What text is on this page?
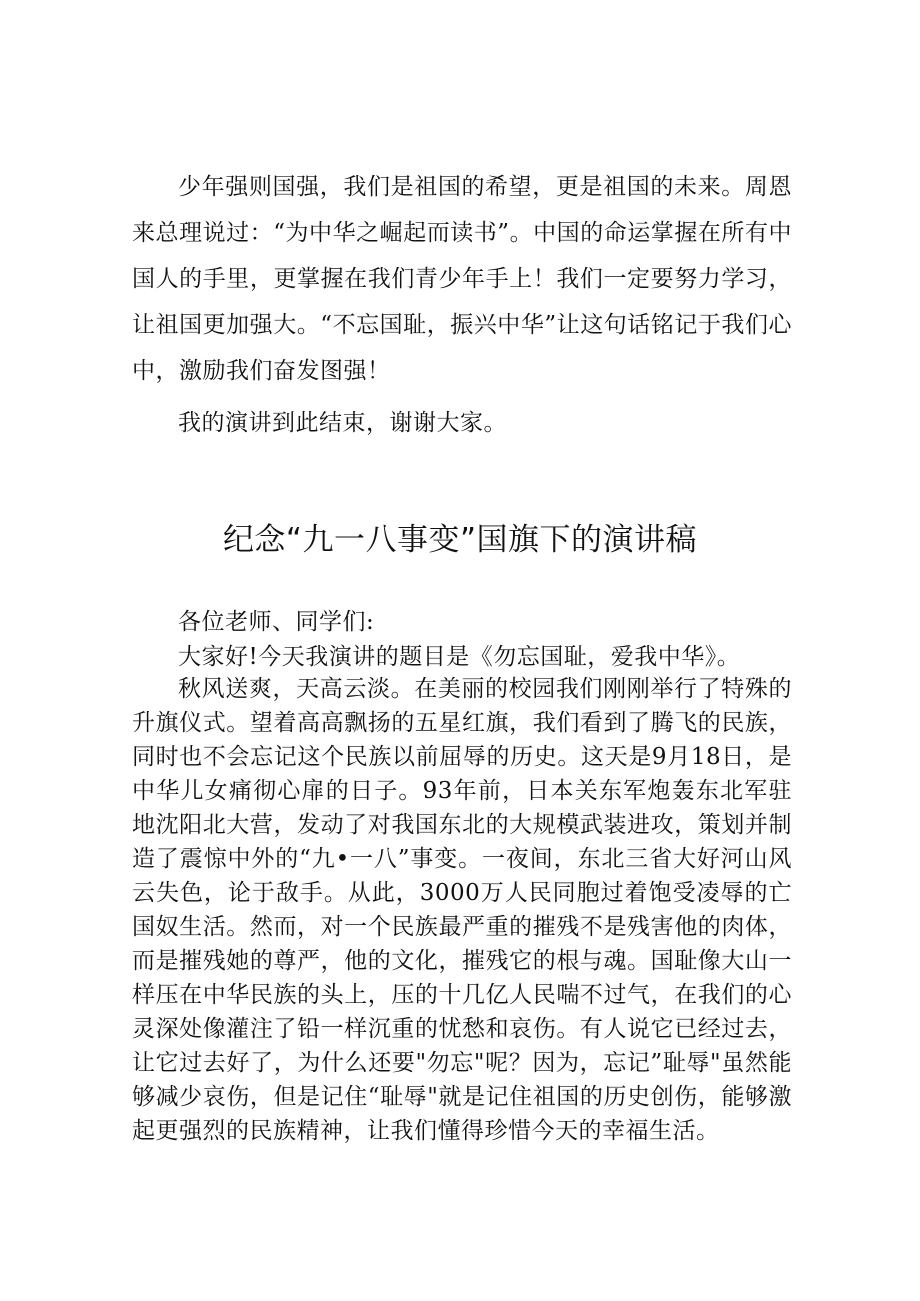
少年强则国强，我们是祖国的希望，更是祖国的未来。周恩来总理说过：“为中华之崛起而读书”。中国的命运掌握在所有中国人的手里，更掌握在我们青少年手上！我们一定要努力学习，让祖国更加强大。“不忘国耻，振兴中华”让这句话铭记于我们心中，激励我们奋发图强！

我的演讲到此结束，谢谢大家。

纪念“九一八事变”国旗下的演讲稿

各位老师、同学们:

大家好!今天我演讲的题目是《勿忘国耻，爱我中华》。

秋风送爽，天高云淡。在美丽的校园我们刚刚举行了特殊的升旗仪式。望着高高飘扬的五星红旗，我们看到了腾飞的民族，同时也不会忘记这个民族以前屈辱的历史。这天是9月18日，是中华儿女痛彻心扉的日子。93年前，日本关东军炮轰东北军驻地沈阳北大营，发动了对我国东北的大规模武装进攻，策划并制造了震惊中外的“九•一八”事变。一夜间，东北三省大好河山风云失色，论于敌手。从此，3000万人民同胞过着饱受凌辱的亡国奴生活。然而，对一个民族最严重的摧残不是残害他的肉体，而是摧残她的尊严，他的文化，摧残它的根与魂。国耻像大山一样压在中华民族的头上，压的十几亿人民喘不过气，在我们的心灵深处像灌注了铅一样沉重的忧愁和哀伤。有人说它已经过去，让它过去好了，为什么还要"勿忘"呢？因为，忘记”耻辱"虽然能够减少哀伤，但是记住“耻辱"就是记住祖国的历史创伤，能够激起更强烈的民族精神，让我们懂得珍惜今天的幸福生活。
